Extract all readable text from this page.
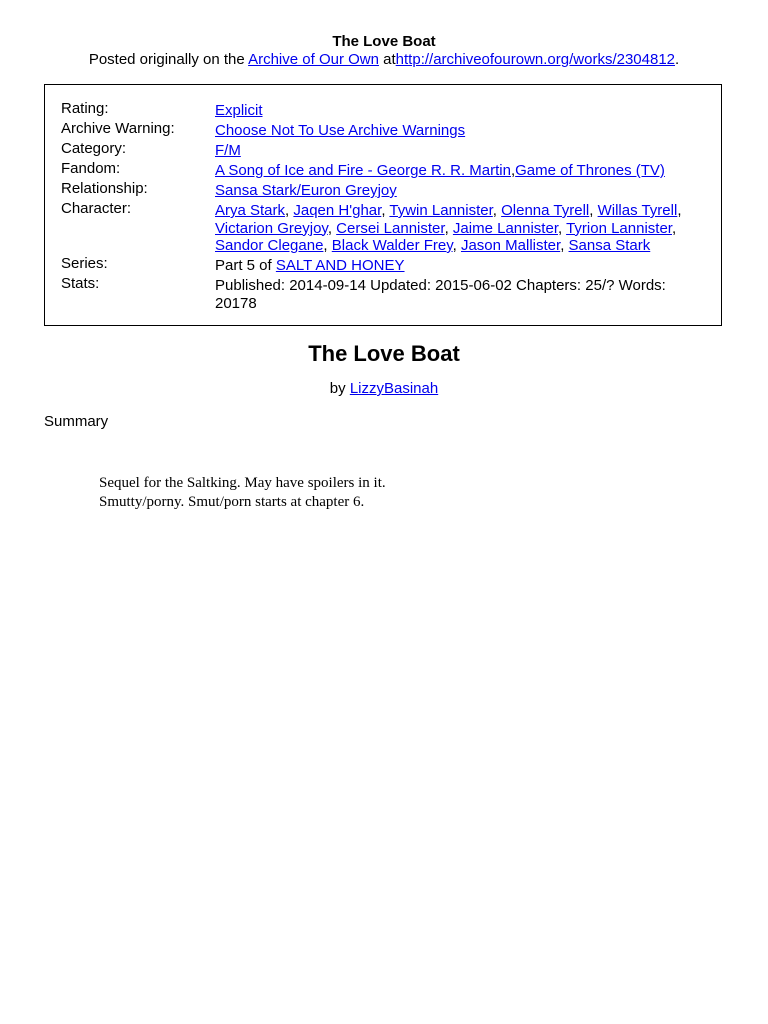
The Love Boat
Posted originally on the Archive of Our Own athttp://archiveofourown.org/works/2304812.
Rating:	Explicit
Archive Warning:	Choose Not To Use Archive Warnings
Category:	F/M
Fandom:	A Song of Ice and Fire - George R. R. Martin,Game of Thrones (TV)
Relationship:	Sansa Stark/Euron Greyjoy
Character:	Arya Stark, Jaqen H'ghar, Tywin Lannister, Olenna Tyrell, Willas Tyrell,
Victarion Greyjoy, Cersei Lannister, Jaime Lannister, Tyrion Lannister,
Sandor Clegane, Black Walder Frey, Jason Mallister, Sansa Stark
Series:	Part 5 of SALT AND HONEY
Stats:	Published: 2014-09-14 Updated: 2015-06-02 Chapters: 25/? Words: 20178
The Love Boat
by LizzyBasinah
Summary

Sequel for the Saltking. May have spoilers in it.

Smutty/porny. Smut/porn starts at chapter 6.
